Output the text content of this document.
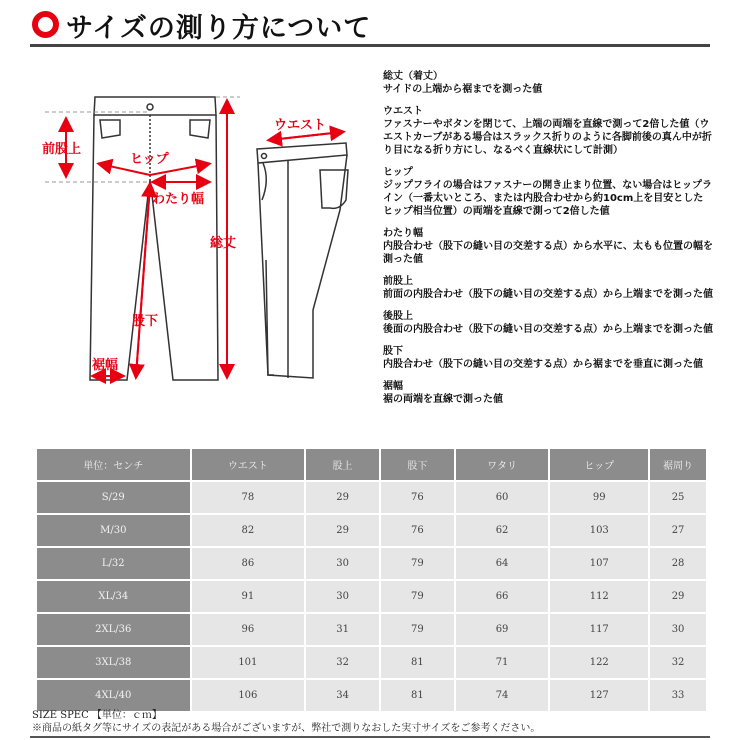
サイズの測り方について
前股上
ヒップ
わたり幅
総丈
股下
裾幅
ウエスト
総丈（着丈）
サイドの上端から裾までを測った値
ウエスト
ファスナーやボタンを閉じて、上端の両端を直線で測って2倍した値（ウエストカーブがある場合はスラックス折りのように各脚前後の真ん中が折り目になる折り方にし、なるべく直線状にして計測）
ヒップ
ジップフライの場合はファスナーの開き止まり位置、ない場合はヒップライン（一番太いところ、または内股合わせから約10cm上を目安としたヒップ相当位置）の両端を直線で測って2倍した値
わたり幅
内股合わせ（股下の縫い目の交差する点）から水平に、太もも位置の幅を測った値
前股上
前面の内股合わせ（股下の縫い目の交差する点）から上端までを測った値
後股上
後面の内股合わせ（股下の縫い目の交差する点）から上端までを測った値
股下
内股合わせ（股下の縫い目の交差する点）から裾までを垂直に測った値
裾幅
裾の両端を直線で測った値
単位：センチ	ウエスト	股上	股下	ワタリ	ヒップ	裾周り
S/29	78	29	76	60	99	25
M/30	82	29	76	62	103	27
L/32	86	30	79	64	107	28
XL/34	91	30	79	66	112	29
2XL/36	96	31	79	69	117	30
3XL/38	101	32	81	71	122	32
4XL/40	106	34	81	74	127	33
SIZE SPEC 【単位：ｃｍ】
※商品の紙タグ等にサイズの表記がある場合がございますが、弊社で測りなおした実寸サイズをご参考ください。
